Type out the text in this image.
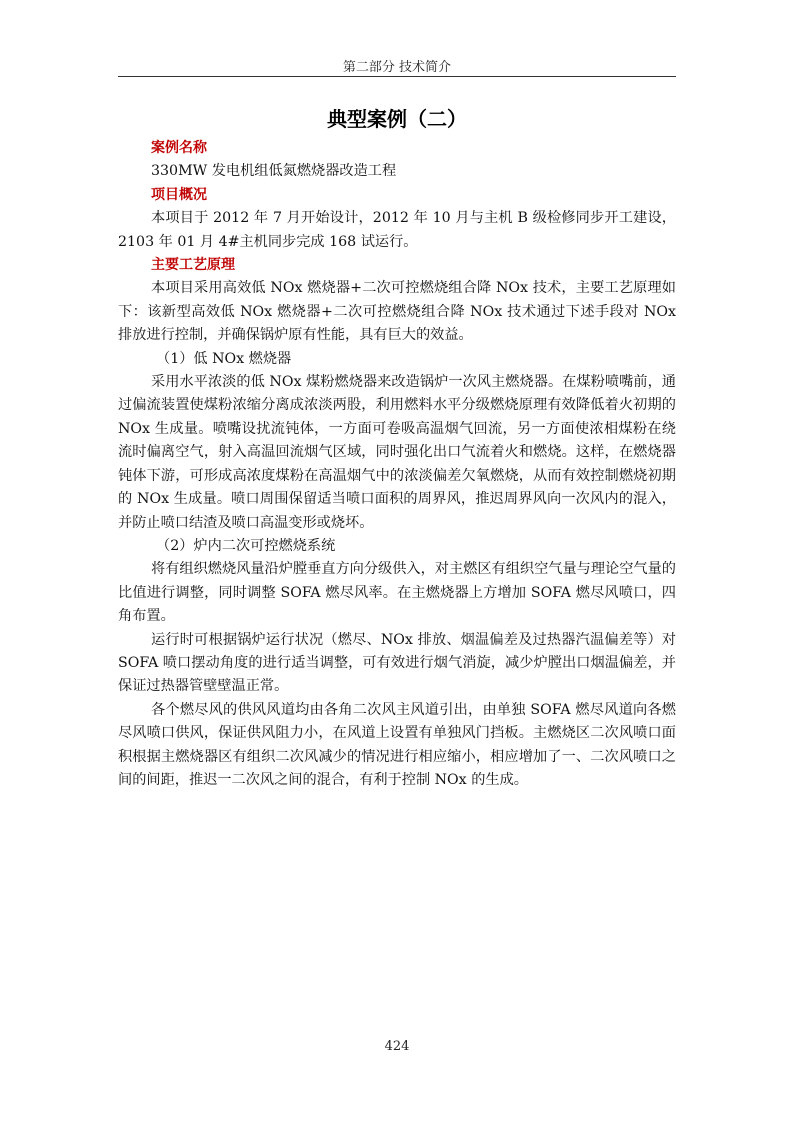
第二部分 技术简介
典型案例（二）

案例名称

330MW 发电机组低氮燃烧器改造工程

项目概况

本项目于 2012 年 7 月开始设计，2012 年 10 月与主机 B 级检修同步开工建设，2103 年 01 月 4#主机同步完成 168 试运行。

主要工艺原理

本项目采用高效低 NOx 燃烧器+二次可控燃烧组合降 NOx 技术，主要工艺原理如下：该新型高效低 NOx 燃烧器+二次可控燃烧组合降 NOx 技术通过下述手段对 NOx 排放进行控制，并确保锅炉原有性能，具有巨大的效益。

（1）低 NOx 燃烧器

采用水平浓淡的低 NOx 煤粉燃烧器来改造锅炉一次风主燃烧器。在煤粉喷嘴前，通过偏流装置使煤粉浓缩分离成浓淡两股，利用燃料水平分级燃烧原理有效降低着火初期的 NOx 生成量。喷嘴设扰流钝体，一方面可卷吸高温烟气回流，另一方面使浓相煤粉在绕流时偏离空气，射入高温回流烟气区域，同时强化出口气流着火和燃烧。这样，在燃烧器钝体下游，可形成高浓度煤粉在高温烟气中的浓淡偏差欠氧燃烧，从而有效控制燃烧初期的 NOx 生成量。喷口周围保留适当喷口面积的周界风，推迟周界风向一次风内的混入，并防止喷口结渣及喷口高温变形或烧坏。

（2）炉内二次可控燃烧系统

将有组织燃烧风量沿炉膛垂直方向分级供入，对主燃区有组织空气量与理论空气量的比值进行调整，同时调整 SOFA 燃尽风率。在主燃烧器上方增加 SOFA 燃尽风喷口，四角布置。

运行时可根据锅炉运行状况（燃尽、NOx 排放、烟温偏差及过热器汽温偏差等）对 SOFA 喷口摆动角度的进行适当调整，可有效进行烟气消旋，减少炉膛出口烟温偏差，并保证过热器管壁壁温正常。

各个燃尽风的供风风道均由各角二次风主风道引出，由单独 SOFA 燃尽风道向各燃尽风喷口供风，保证供风阻力小，在风道上设置有单独风门挡板。主燃烧区二次风喷口面积根据主燃烧器区有组织二次风减少的情况进行相应缩小，相应增加了一、二次风喷口之间的间距，推迟一二次风之间的混合，有利于控制 NOx 的生成。

424
